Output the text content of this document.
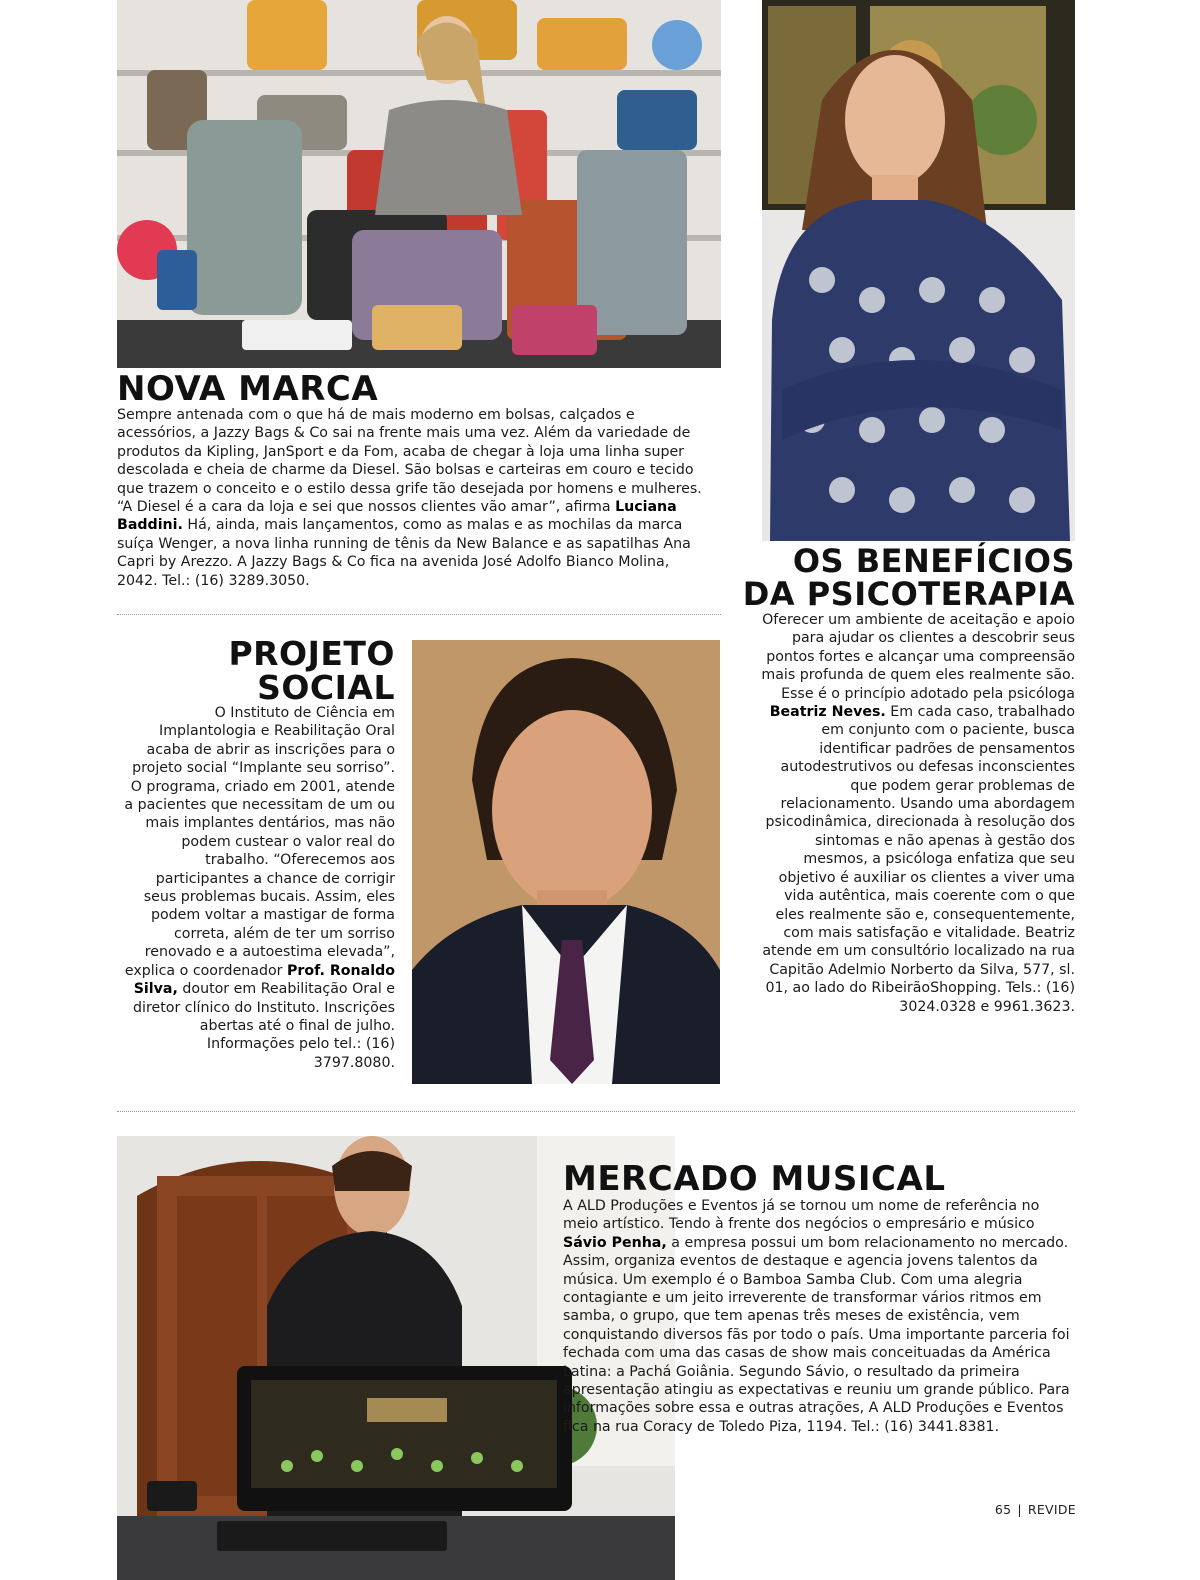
NOVA MARCA
Sempre antenada com o que há de mais moderno em bolsas, calçados e acessórios, a Jazzy Bags & Co sai na frente mais uma vez. Além da variedade de produtos da Kipling, JanSport e da Fom, acaba de chegar à loja uma linha super descolada e cheia de charme da Diesel. São bolsas e carteiras em couro e tecido que trazem o conceito e o estilo dessa grife tão desejada por homens e mulheres. “A Diesel é a cara da loja e sei que nossos clientes vão amar”, afirma Luciana Baddini. Há, ainda, mais lançamentos, como as malas e as mochilas da marca suíça Wenger, a nova linha running de tênis da New Balance e as sapatilhas Ana Capri by Arezzo. A Jazzy Bags & Co fica na avenida José Adolfo Bianco Molina, 2042. Tel.: (16) 3289.3050.
OS BENEFÍCIOS
DA PSICOTERAPIA
Oferecer um ambiente de aceitação e apoio para ajudar os clientes a descobrir seus pontos fortes e alcançar uma compreensão mais profunda de quem eles realmente são. Esse é o princípio adotado pela psicóloga Beatriz Neves. Em cada caso, trabalhado em conjunto com o paciente, busca identificar padrões de pensamentos autodestrutivos ou defesas inconscientes que podem gerar problemas de relacionamento. Usando uma abordagem psicodinâmica, direcionada à resolução dos sintomas e não apenas à gestão dos mesmos, a psicóloga enfatiza que seu objetivo é auxiliar os clientes a viver uma vida autêntica, mais coerente com o que eles realmente são e, consequentemente, com mais satisfação e vitalidade. Beatriz atende em um consultório localizado na rua Capitão Adelmio Norberto da Silva, 577, sl. 01, ao lado do RibeirãoShopping. Tels.: (16) 3024.0328 e 9961.3623.
PROJETO
SOCIAL
O Instituto de Ciência em Implantologia e Reabilitação Oral acaba de abrir as inscrições para o projeto social “Implante seu sorriso”. O programa, criado em 2001, atende a pacientes que necessitam de um ou mais implantes dentários, mas não podem custear o valor real do trabalho. “Oferecemos aos participantes a chance de corrigir seus problemas bucais. Assim, eles podem voltar a mastigar de forma correta, além de ter um sorriso renovado e a autoestima elevada”, explica o coordenador Prof. Ronaldo Silva, doutor em Reabilitação Oral e diretor clínico do Instituto. Inscrições abertas até o final de julho. Informações pelo tel.: (16) 3797.8080.
MERCADO MUSICAL
A ALD Produções e Eventos já se tornou um nome de referência no meio artístico. Tendo à frente dos negócios o empresário e músico Sávio Penha, a empresa possui um bom relacionamento no mercado. Assim, organiza eventos de destaque e agencia jovens talentos da música. Um exemplo é o Bamboa Samba Club. Com uma alegria contagiante e um jeito irreverente de transformar vários ritmos em samba, o grupo, que tem apenas três meses de existência, vem conquistando diversos fãs por todo o país. Uma importante parceria foi fechada com uma das casas de show mais conceituadas da América Latina: a Pachá Goiânia. Segundo Sávio, o resultado da primeira apresentação atingiu as expectativas e reuniu um grande público. Para informações sobre essa e outras atrações, A ALD Produções e Eventos fica na rua Coracy de Toledo Piza, 1194. Tel.: (16) 3441.8381.
65 | REVIDE
